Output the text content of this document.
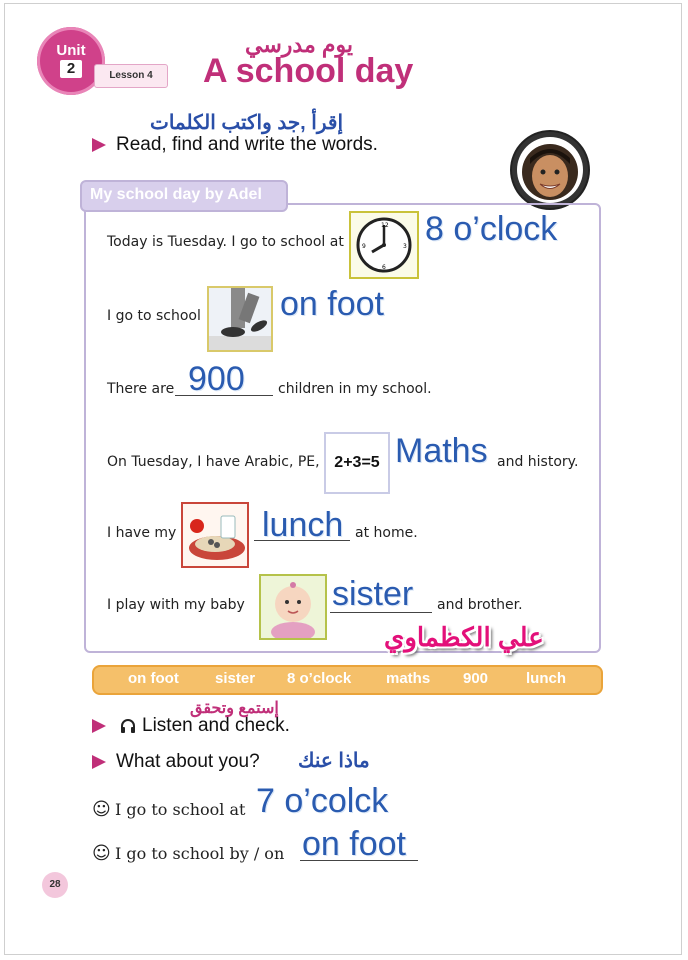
Unit
2	Lesson 4
يوم مدرسي
A school day
إقرأ ,جد واكتب الكلمات
Read, find and write the words.
My school day by Adel
Today is Tuesday. I go to school at
12
3
6
9 8 o’clock
I go to school on foot
There are 900 children in my school.
On Tuesday, I have Arabic, PE, 2+3=5 Maths and history.
I have my	lunch at home.
I play with my baby	sister and brother.
علي الكظماوي
on foot sister 8 o’clock maths 900	lunch
إستمع وتحقق
Listen and check.
What about you? ماذا عنك
☺ I go to school at 7 o’colck
☺ I go to school by / on on foot
28
